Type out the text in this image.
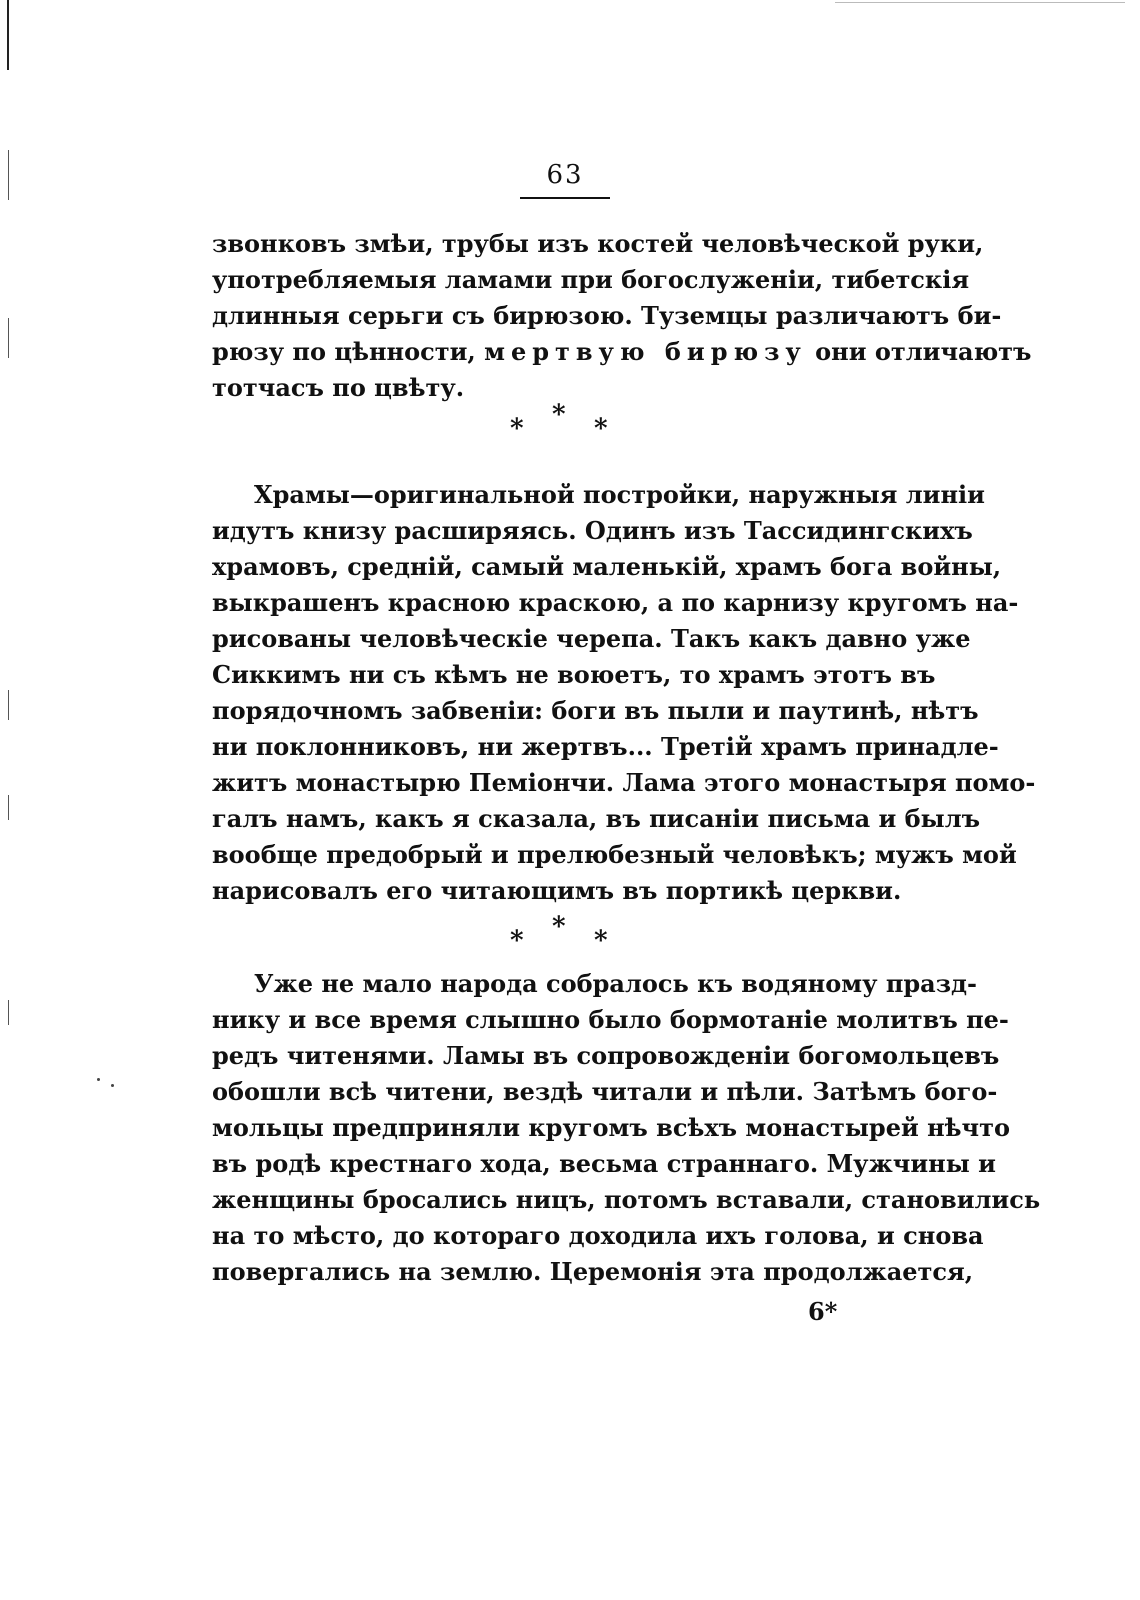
63
звонковъ змѣи, трубы изъ костей человѣческой руки,
употребляемыя ламами при богослуженіи, тибетскія
длинныя серьги съ бирюзою. Туземцы различаютъ би-
рюзу по цѣнности, мертвую бирюзу они отличаютъ
тотчасъ по цвѣту.
* * *
Храмы—оригинальной постройки, наружныя линіи
идутъ книзу расширяясь. Одинъ изъ Тассидингскихъ
храмовъ, средній, самый маленькій, храмъ бога войны,
выкрашенъ красною краскою, а по карнизу кругомъ на-
рисованы человѣческіе черепа. Такъ какъ давно уже
Сиккимъ ни съ кѣмъ не воюетъ, то храмъ этотъ въ
порядочномъ забвеніи: боги въ пыли и паутинѣ, нѣтъ
ни поклонниковъ, ни жертвъ... Третій храмъ принадле-
житъ монастырю Пеміончи. Лама этого монастыря помо-
галъ намъ, какъ я сказала, въ писаніи письма и былъ
вообще предобрый и прелюбезный человѣкъ; мужъ мой
нарисовалъ его читающимъ въ портикѣ церкви.
* * *
Уже не мало народа собралось къ водяному празд-
нику и все время слышно было бормотаніе молитвъ пе-
редъ читенями. Ламы въ сопровожденіи богомольцевъ
обошли всѣ читени, вездѣ читали и пѣли. Затѣмъ бого-
мольцы предприняли кругомъ всѣхъ монастырей нѣчто
въ родѣ крестнаго хода, весьма страннаго. Мужчины и
женщины бросались ницъ, потомъ вставали, становились
на то мѣсто, до котораго доходила ихъ голова, и снова
повергались на землю. Церемонія эта продолжается,
6*
